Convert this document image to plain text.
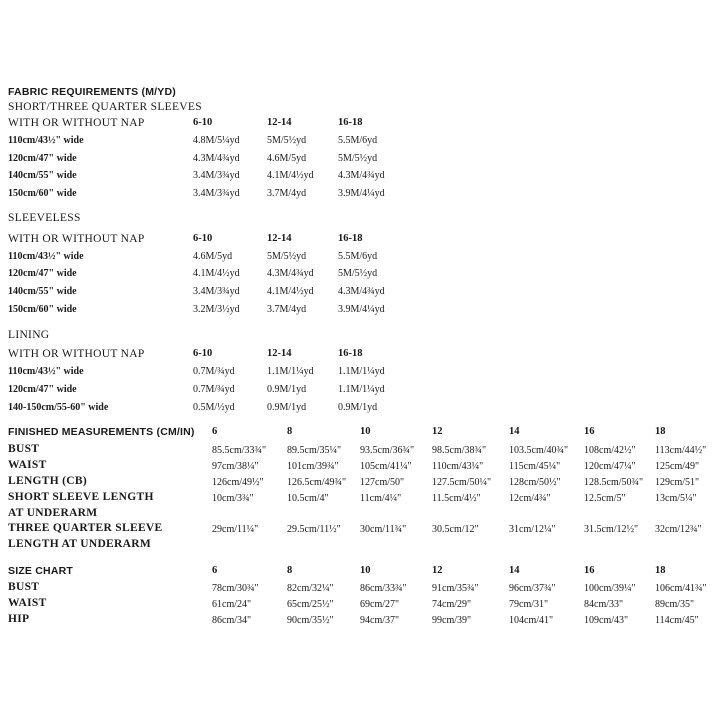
FABRIC REQUIREMENTS (M/YD)
SHORT/THREE QUARTER SLEEVES
WITH OR WITHOUT NAP	6-10	12-14	16-18
110cm/43½" wide	4.8M/5¼yd	5M/5½yd	5.5M/6yd
120cm/47" wide	4.3M/4¾yd	4.6M/5yd	5M/5½yd
140cm/55" wide	3.4M/3¾yd	4.1M/4½yd 4.3M/4¾yd
150cm/60" wide	3.4M/3¾yd	3.7M/4yd	3.9M/4¼yd
SLEEVELESS
WITH OR WITHOUT NAP	6-10	12-14	16-18
110cm/43½" wide	4.6M/5yd	5M/5½yd	5.5M/6yd
120cm/47" wide	4.1M/4½yd	4.3M/4¾yd 5M/5½yd
140cm/55" wide	3.4M/3¾yd	4.1M/4½yd 4.3M/4¾yd
150cm/60" wide	3.2M/3½yd	3.7M/4yd	3.9M/4¼yd
LINING
WITH OR WITHOUT NAP	6-10	12-14	16-18
110cm/43½" wide	0.7M/¾yd	1.1M/1¼yd 1.1M/1¼yd
120cm/47" wide	0.7M/¾yd	0.9M/1yd	1.1M/1¼yd
140-150cm/55-60" wide	0.5M/½yd	0.9M/1yd	0.9M/1yd
FINISHED MEASUREMENTS (CM/IN) 6	8	10	12	14	16	18
BUST	85.5cm/33¾" 89.5cm/35¼" 93.5cm/36¾" 98.5cm/38¾" 103.5cm/40¾" 108cm/42½" 113cm/44½"
WAIST	97cm/38¼"	101cm/39¾" 105cm/41¼" 110cm/43¼"	115cm/45¼" 120cm/47¼" 125cm/49"
LENGTH (CB)	126cm/49½" 126.5cm/49¾" 127cm/50"	127.5cm/50¼" 128cm/50½" 128.5cm/50¾" 129cm/51"
SHORT SLEEVE LENGTH
AT UNDERARM
10cm/3¾"	10.5cm/4"	11cm/4¼"	11.5cm/4½"	12cm/4¾"	12.5cm/5"	13cm/5¼"
THREE QUARTER SLEEVE
LENGTH AT UNDERARM
29cm/11¼"	29.5cm/11½" 30cm/11¾"	30.5cm/12"	31cm/12¼"	31.5cm/12½" 32cm/12¾"
SIZE CHART	6	8	10	12	14	16	18
BUST	78cm/30¾"	82cm/32¼"	86cm/33¾"	91cm/35¾"	96cm/37¾"	100cm/39¼" 106cm/41¾"
WAIST	61cm/24"	65cm/25½"	69cm/27"	74cm/29"	79cm/31"	84cm/33"	89cm/35"
HIP	86cm/34"	90cm/35½"	94cm/37"	99cm/39"	104cm/41"	109cm/43"	114cm/45"
